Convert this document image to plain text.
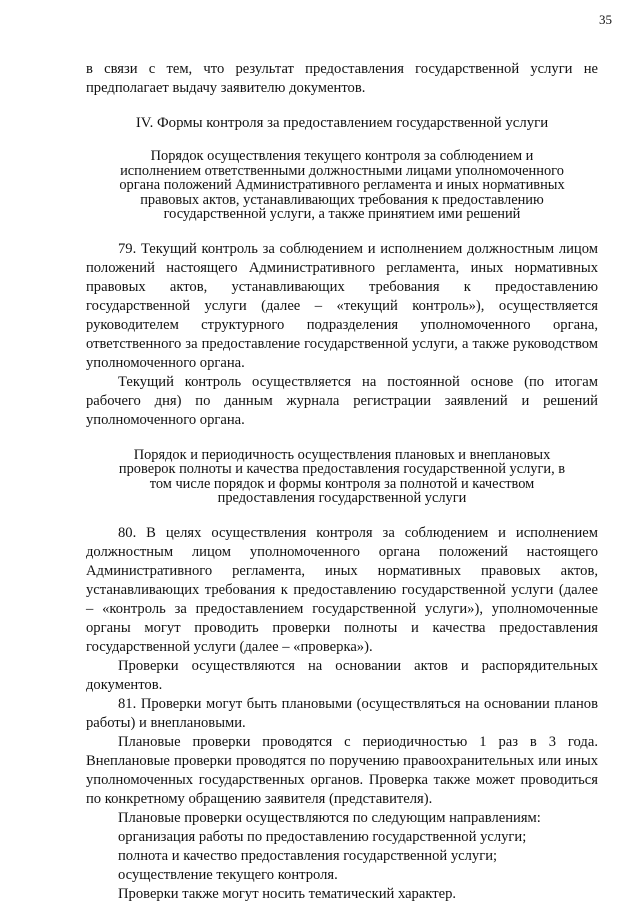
35

в связи с тем, что результат предоставления государственной услуги не предполагает выдачу заявителю документов.

IV. Формы контроля за предоставлением государственной услуги

Порядок осуществления текущего контроля за соблюдением и исполнением ответственными должностными лицами уполномоченного органа положений Административного регламента и иных нормативных правовых актов, устанавливающих требования к предоставлению государственной услуги, а также принятием ими решений

79. Текущий контроль за соблюдением и исполнением должностным лицом положений настоящего Административного регламента, иных нормативных правовых актов, устанавливающих требования к предоставлению государственной услуги (далее – «текущий контроль»), осуществляется руководителем структурного подразделения уполномоченного органа, ответственного за предоставление государственной услуги, а также руководством уполномоченного органа.

Текущий контроль осуществляется на постоянной основе (по итогам рабочего дня) по данным журнала регистрации заявлений и решений уполномоченного органа.

Порядок и периодичность осуществления плановых и внеплановых проверок полноты и качества предоставления государственной услуги, в том числе порядок и формы контроля за полнотой и качеством предоставления государственной услуги

80. В целях осуществления контроля за соблюдением и исполнением должностным лицом уполномоченного органа положений настоящего Административного регламента, иных нормативных правовых актов, устанавливающих требования к предоставлению государственной услуги (далее – «контроль за предоставлением государственной услуги»), уполномоченные органы могут проводить проверки полноты и качества предоставления государственной услуги (далее – «проверка»).

Проверки осуществляются на основании актов и распорядительных документов.

81. Проверки могут быть плановыми (осуществляться на основании планов работы) и внеплановыми.

Плановые проверки проводятся с периодичностью 1 раз в 3 года. Внеплановые проверки проводятся по поручению правоохранительных или иных уполномоченных государственных органов. Проверка также может проводиться по конкретному обращению заявителя (представителя).

Плановые проверки осуществляются по следующим направлениям:

организация работы по предоставлению государственной услуги;
полнота и качество предоставления государственной услуги;
осуществление текущего контроля.

Проверки также могут носить тематический характер.
